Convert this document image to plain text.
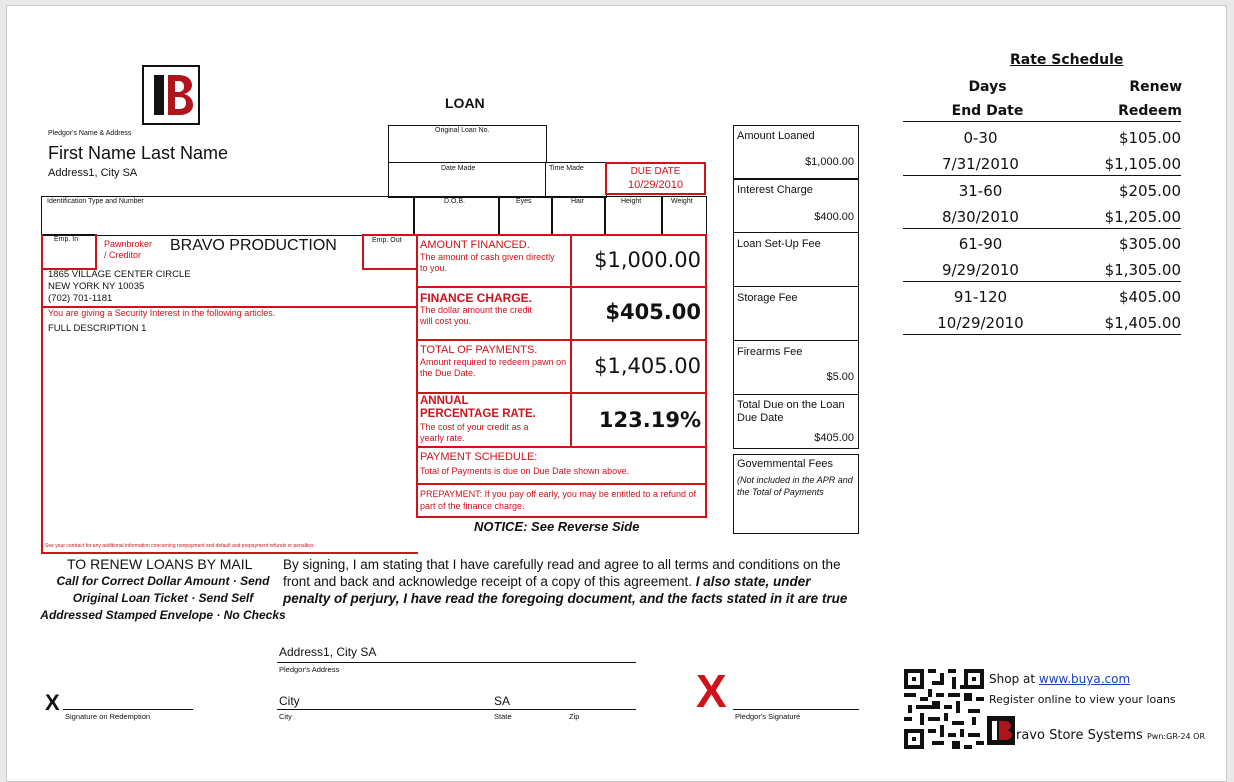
LOAN
Pledgor's Name & Address
First Name Last Name
Address1, City SA
Original Loan No.
Date Made	Time Made	DUE DATE
10/29/2010
Identification Type and Number	D.O.B.	Eyes	Hair	Height	Weight
Emp. In	Emp. Out
Pawnbroker
/ Creditor
BRAVO PRODUCTION
1865 VILLAGE CENTER CIRCLE
NEW YORK NY 10035
(702) 701-1181
You are giving a Security Interest in the following articles.
FULL DESCRIPTION 1
See your contract for any additional information concerning nonpayment and default and prepayment refunds or penalties.
AMOUNT FINANCED.
The amount of cash given directly to you.	$1,000.00
FINANCE CHARGE.
The dollar amount the credit will cost you.	$405.00
TOTAL OF PAYMENTS.
Amount required to redeem pawn on the Due Date.	$1,405.00
ANNUAL
PERCENTAGE RATE.
The cost of your credit as a yearly rate.
123.19%
PAYMENT SCHEDULE:
Total of Payments is due on Due Date shown above.
PREPAYMENT: If you pay off early, you may be entitled to a refund of part of the finance charge.
NOTICE: See Reverse Side
Amount Loaned
$1,000.00
Interest Charge
$400.00
Loan Set-Up Fee
Storage Fee
Firearms Fee
$5.00
Total Due on the Loan Due Date
$405.00
Govemmental Fees
(Not included in the APR and the Total of Payments
Rate Schedule
Days	Renew
End Date	Redeem
0-30	$105.00
7/31/2010	$1,105.00
31-60	$205.00
8/30/2010	$1,205.00
61-90	$305.00
9/29/2010	$1,305.00
91-120	$405.00
10/29/2010	$1,405.00
TO RENEW LOANS BY MAIL
Call for Correct Dollar Amount · Send
Original Loan Ticket · Send Self
Addressed Stamped Envelope · No Checks
By signing, I am stating that I have carefully read and agree to all terms and conditions on the
front and back and acknowledge receipt of a copy of this agreement. I also state, under
penalty of perjury, I have read the foregoing document, and the facts stated in it are true
Address1, City SA
Pledgor's Address
City	SA
City	State	Zip
X
Signature on Redemption	X Pledgor's Signature
Shop at www.buya.com
Register online to view your loans
ravo Store Systems Pwn:GR-24 OR
